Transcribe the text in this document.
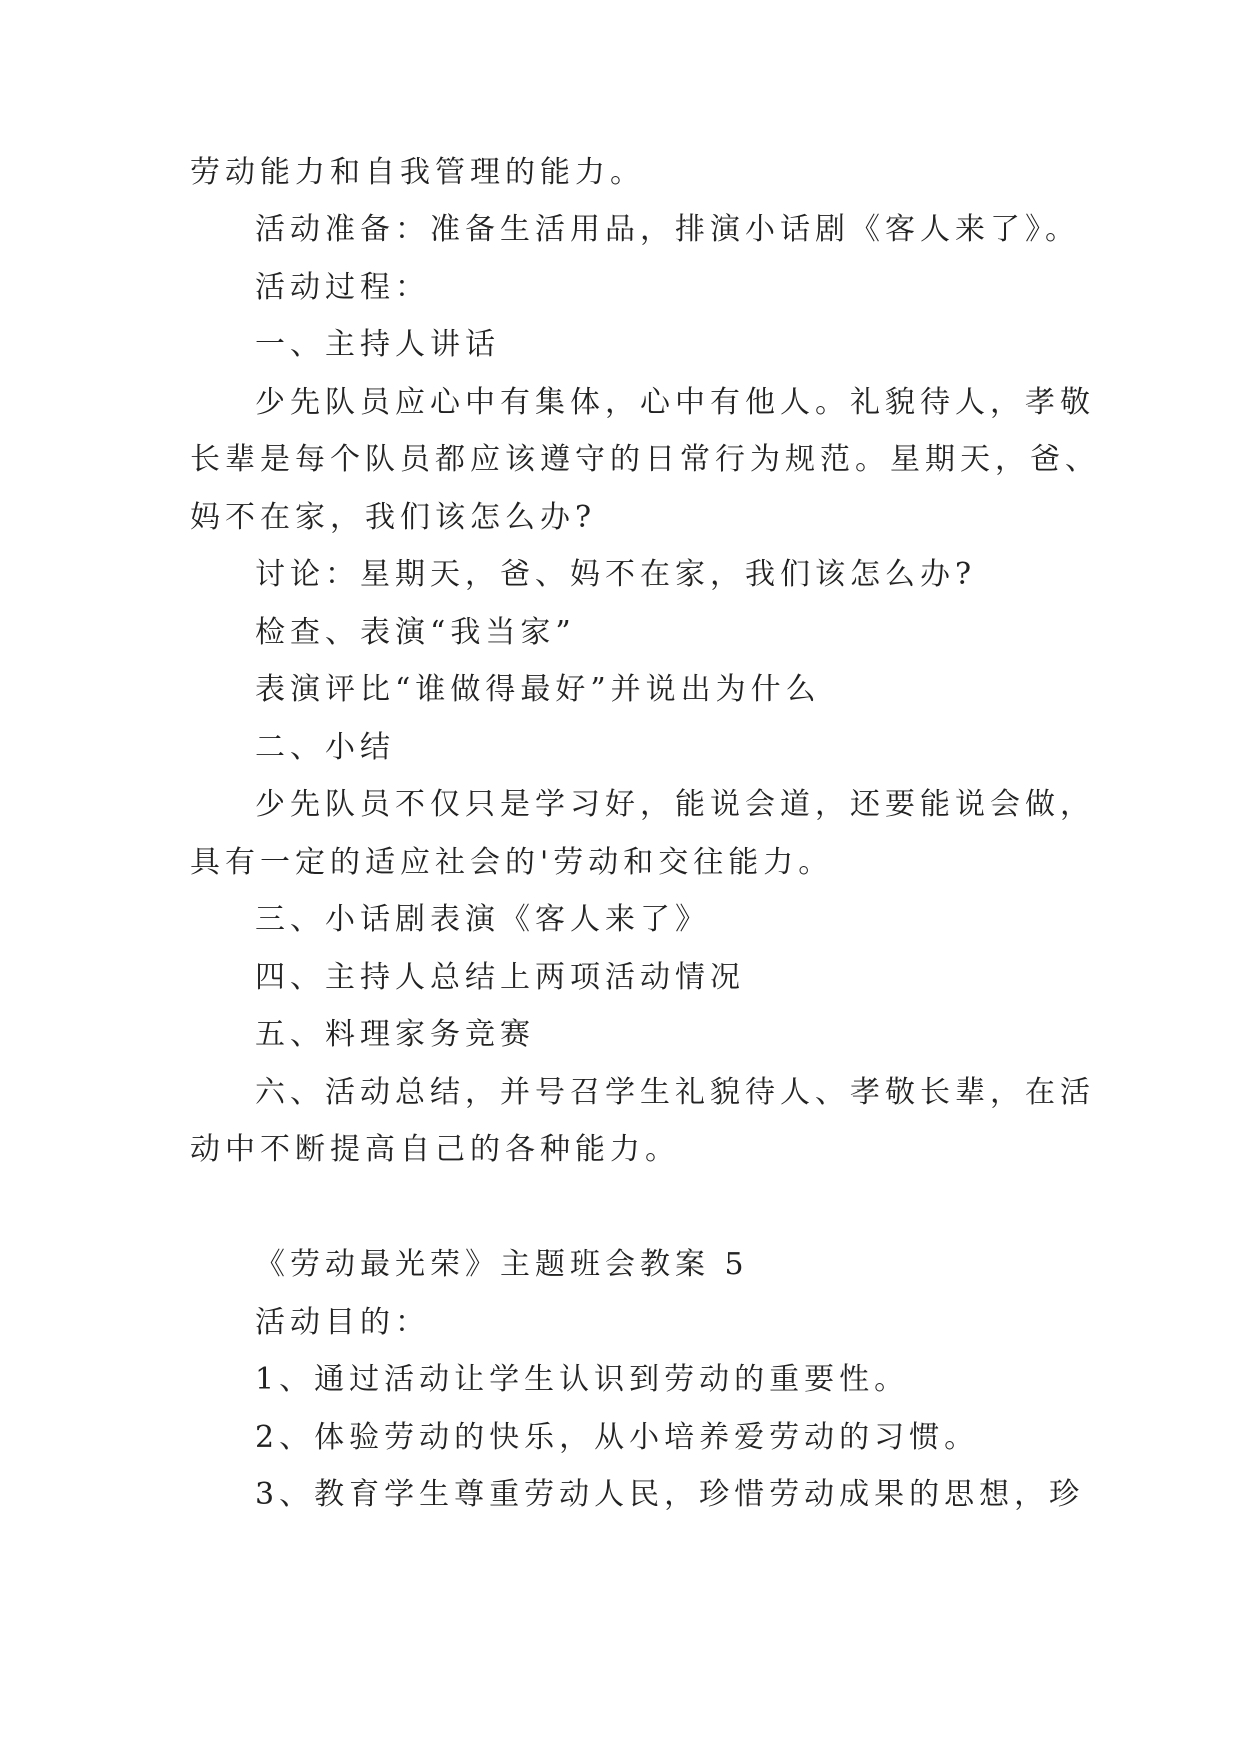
劳动能力和自我管理的能力。
活动准备：准备生活用品，排演小话剧《客人来了》。
活动过程：
一、主持人讲话
少先队员应心中有集体，心中有他人。礼貌待人，孝敬
长辈是每个队员都应该遵守的日常行为规范。星期天，爸、
妈不在家，我们该怎么办?
讨论：星期天，爸、妈不在家，我们该怎么办?
检查、表演“我当家”
表演评比“谁做得最好”并说出为什么
二、小结
少先队员不仅只是学习好，能说会道，还要能说会做，
具有一定的适应社会的'劳动和交往能力。
三、小话剧表演《客人来了》
四、主持人总结上两项活动情况
五、料理家务竞赛
六、活动总结，并号召学生礼貌待人、孝敬长辈，在活
动中不断提高自己的各种能力。
《劳动最光荣》主题班会教案 5
活动目的：
1、通过活动让学生认识到劳动的重要性。
2、体验劳动的快乐，从小培养爱劳动的习惯。
3、教育学生尊重劳动人民，珍惜劳动成果的思想，珍
